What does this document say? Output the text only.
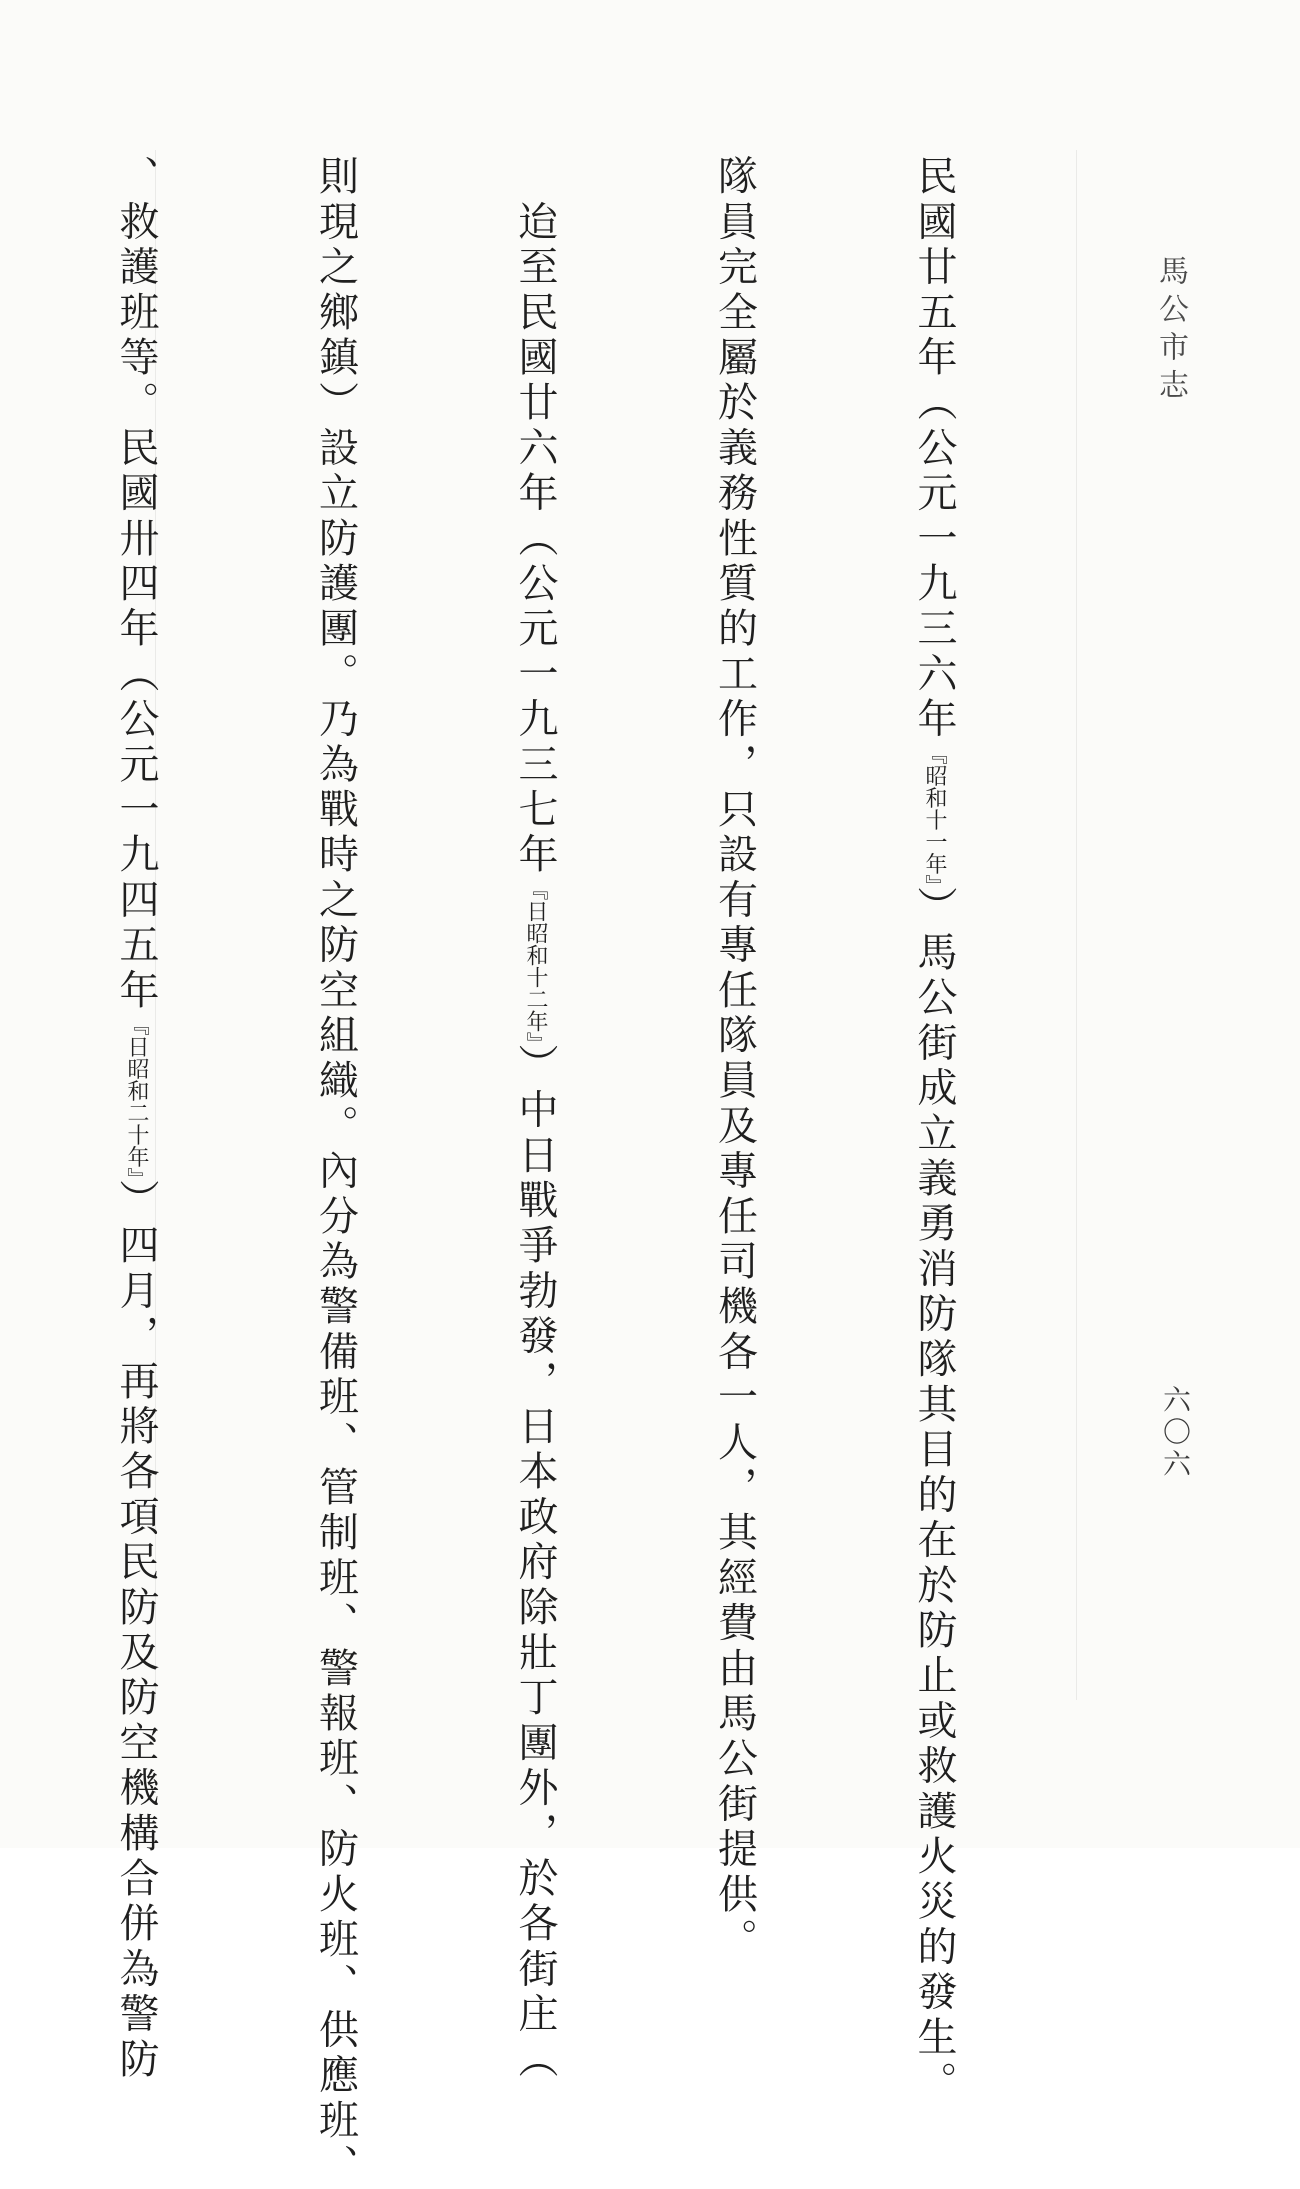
馬公市志
六〇六

民國廿五年（公元一九三六年『昭和十一年』）馬公街成立義勇消防隊其目的在於防止或救護火災的發生。

隊員完全屬於義務性質的工作，只設有專任隊員及專任司機各一人，其經費由馬公街提供。

　迨至民國廿六年（公元一九三七年『日昭和十二年』）中日戰爭勃發，日本政府除壯丁團外，於各街庄（

則現之鄉鎮）設立防護團。乃為戰時之防空組織。內分為警備班、管制班、警報班、防火班、供應班、

、救護班等。民國卅四年（公元一九四五年『日昭和二十年』）四月，再將各項民防及防空機構合併為警防
